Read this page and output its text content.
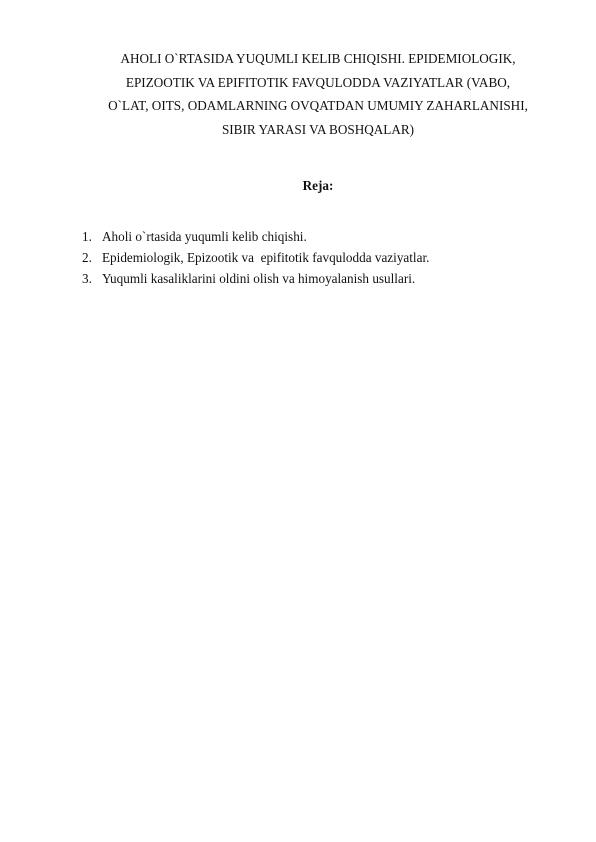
AHOLI O`RTASIDA YUQUMLI KELIB CHIQISHI. EPIDEMIOLOGIK,
EPIZOOTIK VA EPIFITOTIK FAVQULODDA VAZIYATLAR (VABO,
O`LAT, OITS, ODAMLARNING OVQATDAN UMUMIY ZAHARLANISHI,
SIBIR YARASI VA BOSHQALAR)
Reja:
1. Aholi o`rtasida yuqumli kelib chiqishi.
2. Epidemiologik, Epizootik va  epifitotik favqulodda vaziyatlar.
3. Yuqumli kasaliklarini oldini olish va himoyalanish usullari.
